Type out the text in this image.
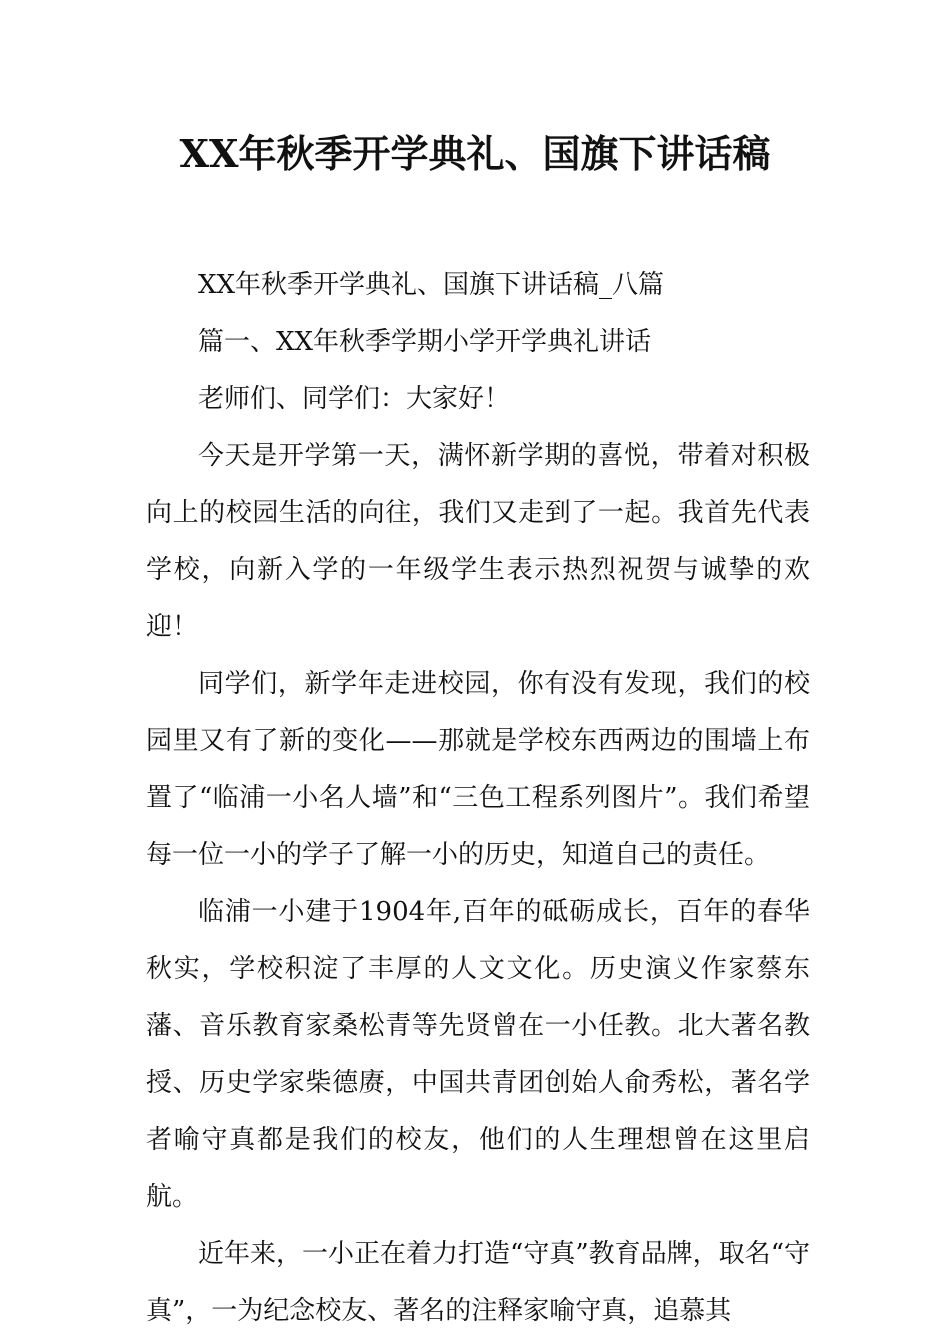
XX年秋季开学典礼、国旗下讲话稿

XX年秋季开学典礼、国旗下讲话稿_八篇

篇一、XX年秋季学期小学开学典礼讲话

老师们、同学们：大家好！

今天是开学第一天，满怀新学期的喜悦，带着对积极向上的校园生活的向往，我们又走到了一起。我首先代表学校，向新入学的一年级学生表示热烈祝贺与诚挚的欢迎！

同学们，新学年走进校园，你有没有发现，我们的校园里又有了新的变化——那就是学校东西两边的围墙上布置了“临浦一小名人墙”和“三色工程系列图片”。我们希望每一位一小的学子了解一小的历史，知道自己的责任。

临浦一小建于1904年,百年的砥砺成长，百年的春华秋实，学校积淀了丰厚的人文文化。历史演义作家蔡东藩、音乐教育家桑松青等先贤曾在一小任教。北大著名教授、历史学家柴德赓，中国共青团创始人俞秀松，著名学者喻守真都是我们的校友，他们的人生理想曾在这里启航。

近年来，一小正在着力打造“守真”教育品牌，取名“守真”，一为纪念校友、著名的注释家喻守真，追慕其
